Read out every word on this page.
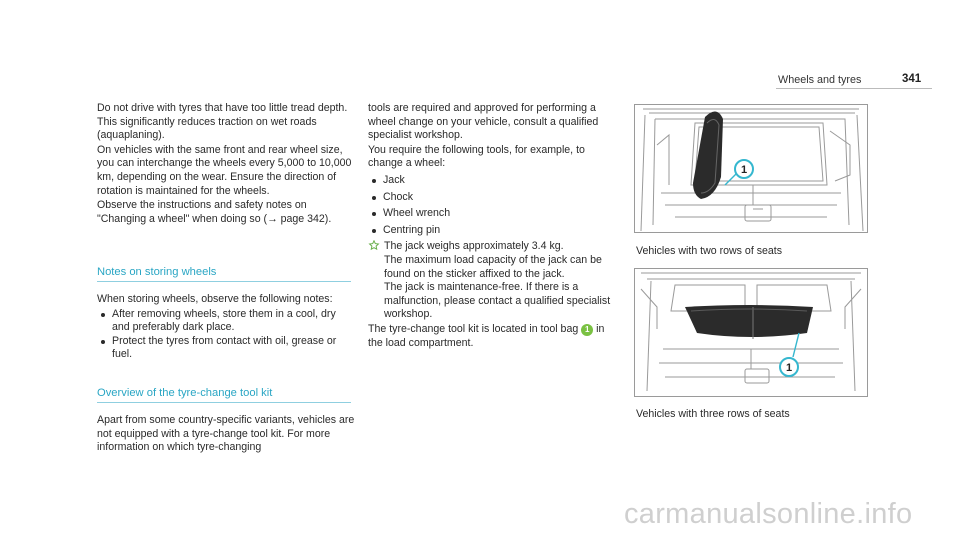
Wheels and tyres	341

Do not drive with tyres that have too little tread depth. This significantly reduces traction on wet roads (aquaplaning).

On vehicles with the same front and rear wheel size, you can interchange the wheels every 5,000 to 10,000 km, depending on the wear. Ensure the direction of rotation is maintained for the wheels.

Observe the instructions and safety notes on "Changing a wheel" when doing so (→ page 342).

Notes on storing wheels

When storing wheels, observe the following notes:

After removing wheels, store them in a cool, dry and preferably dark place.
Protect the tyres from contact with oil, grease or fuel.
Overview of the tyre-change tool kit

Apart from some country-specific variants, vehicles are not equipped with a tyre-change tool kit. For more information on which tyre-changing

tools are required and approved for performing a wheel change on your vehicle, consult a qualified specialist workshop.

You require the following tools, for example, to change a wheel:

Jack
Chock
Wheel wrench
Centring pin

The jack weighs approximately 3.4 kg.

The maximum load capacity of the jack can be found on the sticker affixed to the jack.

The jack is maintenance-free. If there is a malfunction, please contact a qualified specialist workshop.

The tyre-change tool kit is located in tool bag 1 in the load compartment.

1
Vehicles with two rows of seats
1
Vehicles with three rows of seats
carmanualsonline.info
